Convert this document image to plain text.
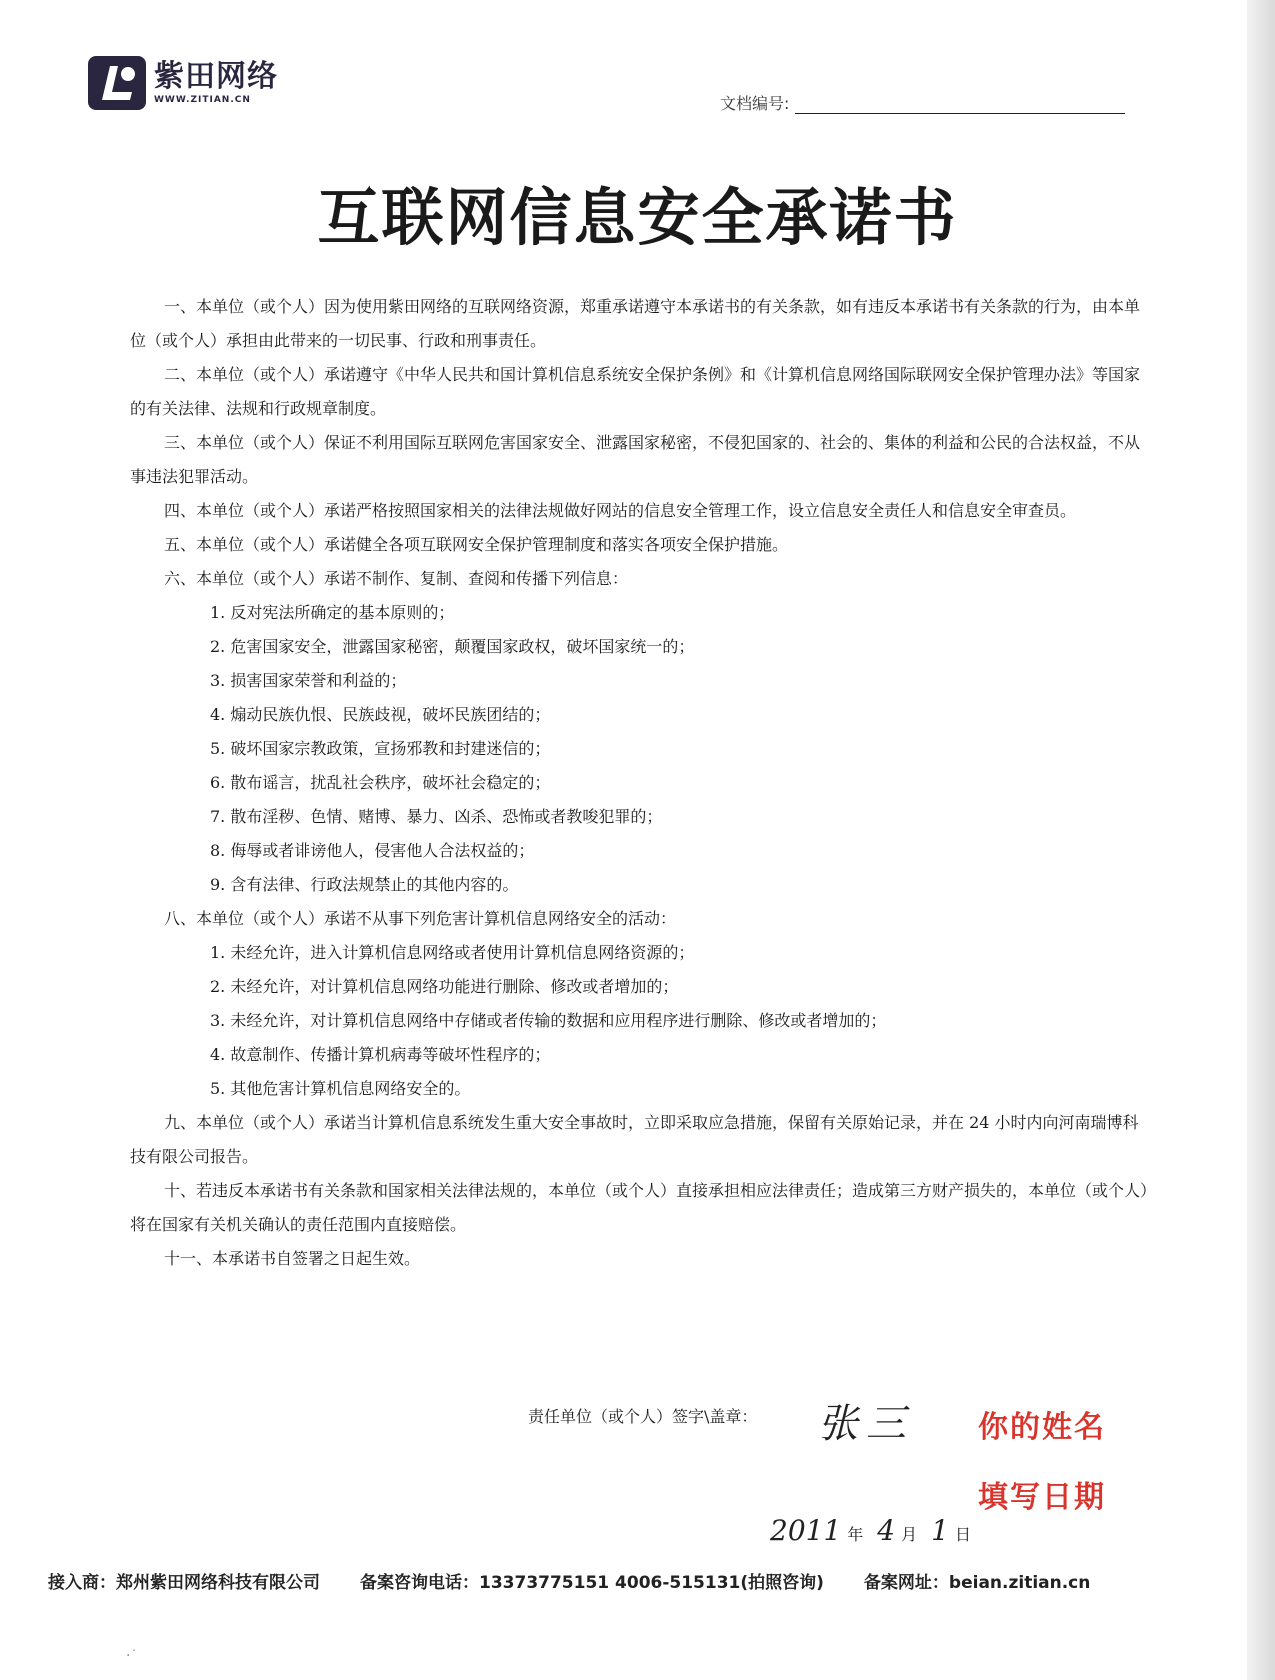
紫田网络
WWW.ZITIAN.CN	文档编号:
互联网信息安全承诺书

一、本单位（或个人）因为使用紫田网络的互联网络资源，郑重承诺遵守本承诺书的有关条款，如有违反本承诺书有关条款的行为，由本单位（或个人）承担由此带来的一切民事、行政和刑事责任。

二、本单位（或个人）承诺遵守《中华人民共和国计算机信息系统安全保护条例》和《计算机信息网络国际联网安全保护管理办法》等国家的有关法律、法规和行政规章制度。

三、本单位（或个人）保证不利用国际互联网危害国家安全、泄露国家秘密，不侵犯国家的、社会的、集体的利益和公民的合法权益，不从事违法犯罪活动。

四、本单位（或个人）承诺严格按照国家相关的法律法规做好网站的信息安全管理工作，设立信息安全责任人和信息安全审查员。

五、本单位（或个人）承诺健全各项互联网安全保护管理制度和落实各项安全保护措施。

六、本单位（或个人）承诺不制作、复制、查阅和传播下列信息：

1. 反对宪法所确定的基本原则的；

2. 危害国家安全，泄露国家秘密，颠覆国家政权，破坏国家统一的；

3. 损害国家荣誉和利益的；

4. 煽动民族仇恨、民族歧视，破坏民族团结的；

5. 破坏国家宗教政策，宣扬邪教和封建迷信的；

6. 散布谣言，扰乱社会秩序，破坏社会稳定的；

7. 散布淫秽、色情、赌博、暴力、凶杀、恐怖或者教唆犯罪的；

8. 侮辱或者诽谤他人，侵害他人合法权益的；

9. 含有法律、行政法规禁止的其他内容的。

八、本单位（或个人）承诺不从事下列危害计算机信息网络安全的活动：

1. 未经允许，进入计算机信息网络或者使用计算机信息网络资源的；

2. 未经允许，对计算机信息网络功能进行删除、修改或者增加的；

3. 未经允许，对计算机信息网络中存储或者传输的数据和应用程序进行删除、修改或者增加的；

4. 故意制作、传播计算机病毒等破坏性程序的；

5. 其他危害计算机信息网络安全的。

九、本单位（或个人）承诺当计算机信息系统发生重大安全事故时，立即采取应急措施，保留有关原始记录，并在 24 小时内向河南瑞博科技有限公司报告。

十、若违反本承诺书有关条款和国家相关法律法规的，本单位（或个人）直接承担相应法律责任；造成第三方财产损失的，本单位（或个人）将在国家有关机关确认的责任范围内直接赔偿。

十一、本承诺书自签署之日起生效。

责任单位（或个人）签字\盖章： 张三 你的姓名
填写日期
2011 年 4 月 1 日
接入商：郑州紫田网络科技有限公司 备案咨询电话：13373775151 4006-515131(拍照咨询) 备案网址：beian.zitian.cn
·˙
